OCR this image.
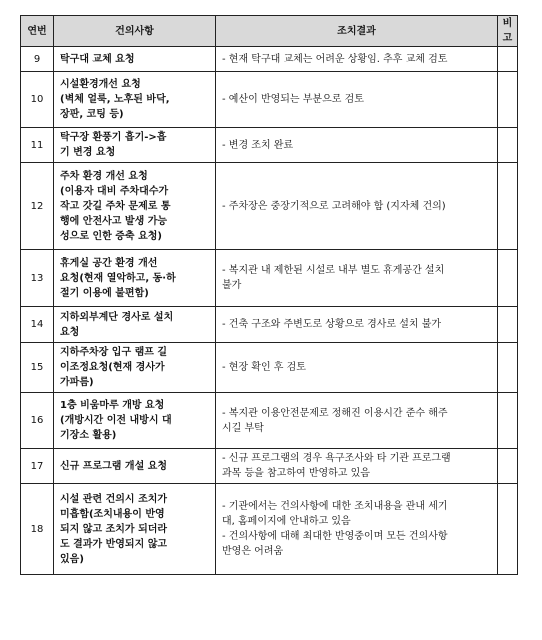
연번	건의사항	조치결과	비고
9	탁구대 교체 요청	- 현재 탁구대 교체는 어려운 상황임. 추후 교체 검토	

10	시설환경개선 요청
(벽체 얼룩, 노후된 바닥,
장판, 코팅 등)	- 예산이 반영되는 부분으로 검토	

11	탁구장 환풍기 흡기->흡
기 변경 요청	- 변경 조치 완료	

12	주차 환경 개선 요청
(이용자 대비 주차대수가
작고 갓길 주차 문제로 통
행에 안전사고 발생 가능
성으로 인한 증축 요청)	- 주차장은 중장기적으로 고려해야 함 (지자체 건의)	

13	휴게실 공간 환경 개선
요청(현재 열악하고, 동·하
절기 이용에 불편함)	- 복지관 내 제한된 시설로 내부 별도 휴게공간 설치
불가	

14	지하외부계단 경사로 설치
요청	- 건축 구조와 주변도로 상황으로 경사로 설치 불가	

15	지하주차장 입구 램프 길
이조정요청(현재 경사가
가파름)	- 현장 확인 후 검토	

16	1층 비움마루 개방 요청
(개방시간 이전 내방시 대
기장소 활용)	- 복지관 이용안전문제로 정해진 이용시간 준수 해주
시길 부탁	

17	신규 프로그램 개설 요청	- 신규 프로그램의 경우 욕구조사와 타 기관 프로그램
과목 등을 참고하여 반영하고 있음	

18	시설 관련 건의시 조치가
미흡함(조치내용이 반영
되지 않고 조치가 되더라
도 결과가 반영되지 않고
있음)	- 기관에서는 건의사항에 대한 조치내용을 관내 세기
대, 홈페이지에 안내하고 있음
- 건의사항에 대해 최대한 반영중이며 모든 건의사항
반영은 어려움	
